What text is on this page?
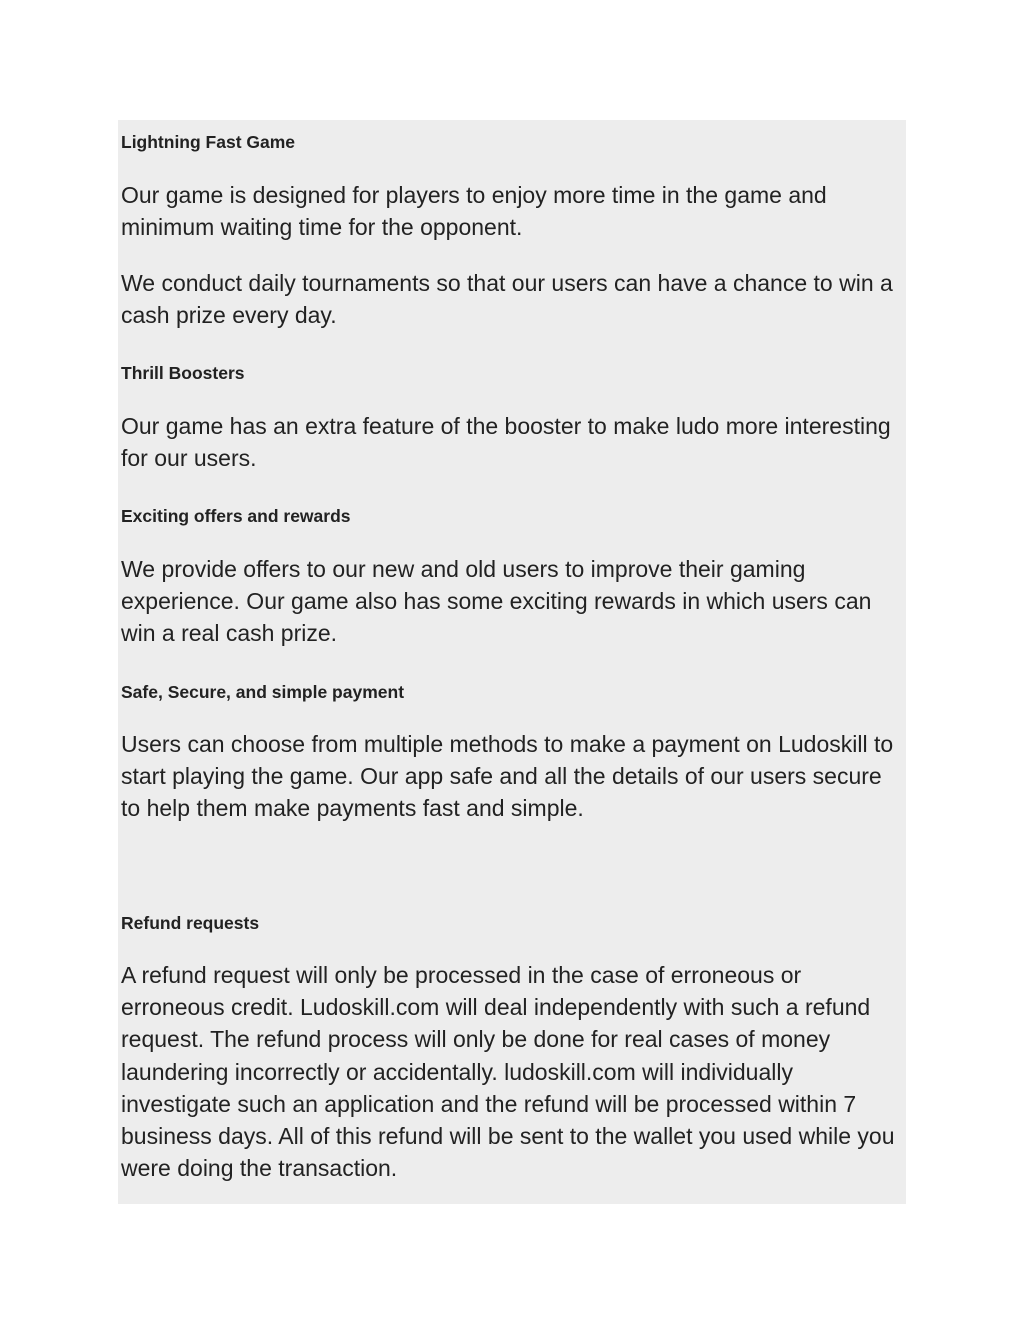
Lightning Fast Game

Our game is designed for players to enjoy more time in the game and minimum waiting time for the opponent.

We conduct daily tournaments so that our users can have a chance to win a cash prize every day.

Thrill Boosters

Our game has an extra feature of the booster to make ludo more interesting for our users.

Exciting offers and rewards

We provide offers to our new and old users to improve their gaming experience. Our game also has some exciting rewards in which users can win a real cash prize.

Safe, Secure, and simple payment

Users can choose from multiple methods to make a payment on Ludoskill to start playing the game. Our app safe and all the details of our users secure to help them make payments fast and simple.

Refund requests

A refund request will only be processed in the case of erroneous or erroneous credit. Ludoskill.com will deal independently with such a refund request. The refund process will only be done for real cases of money laundering incorrectly or accidentally. ludoskill.com will individually investigate such an application and the refund will be processed within 7 business days. All of this refund will be sent to the wallet you used while you were doing the transaction.
